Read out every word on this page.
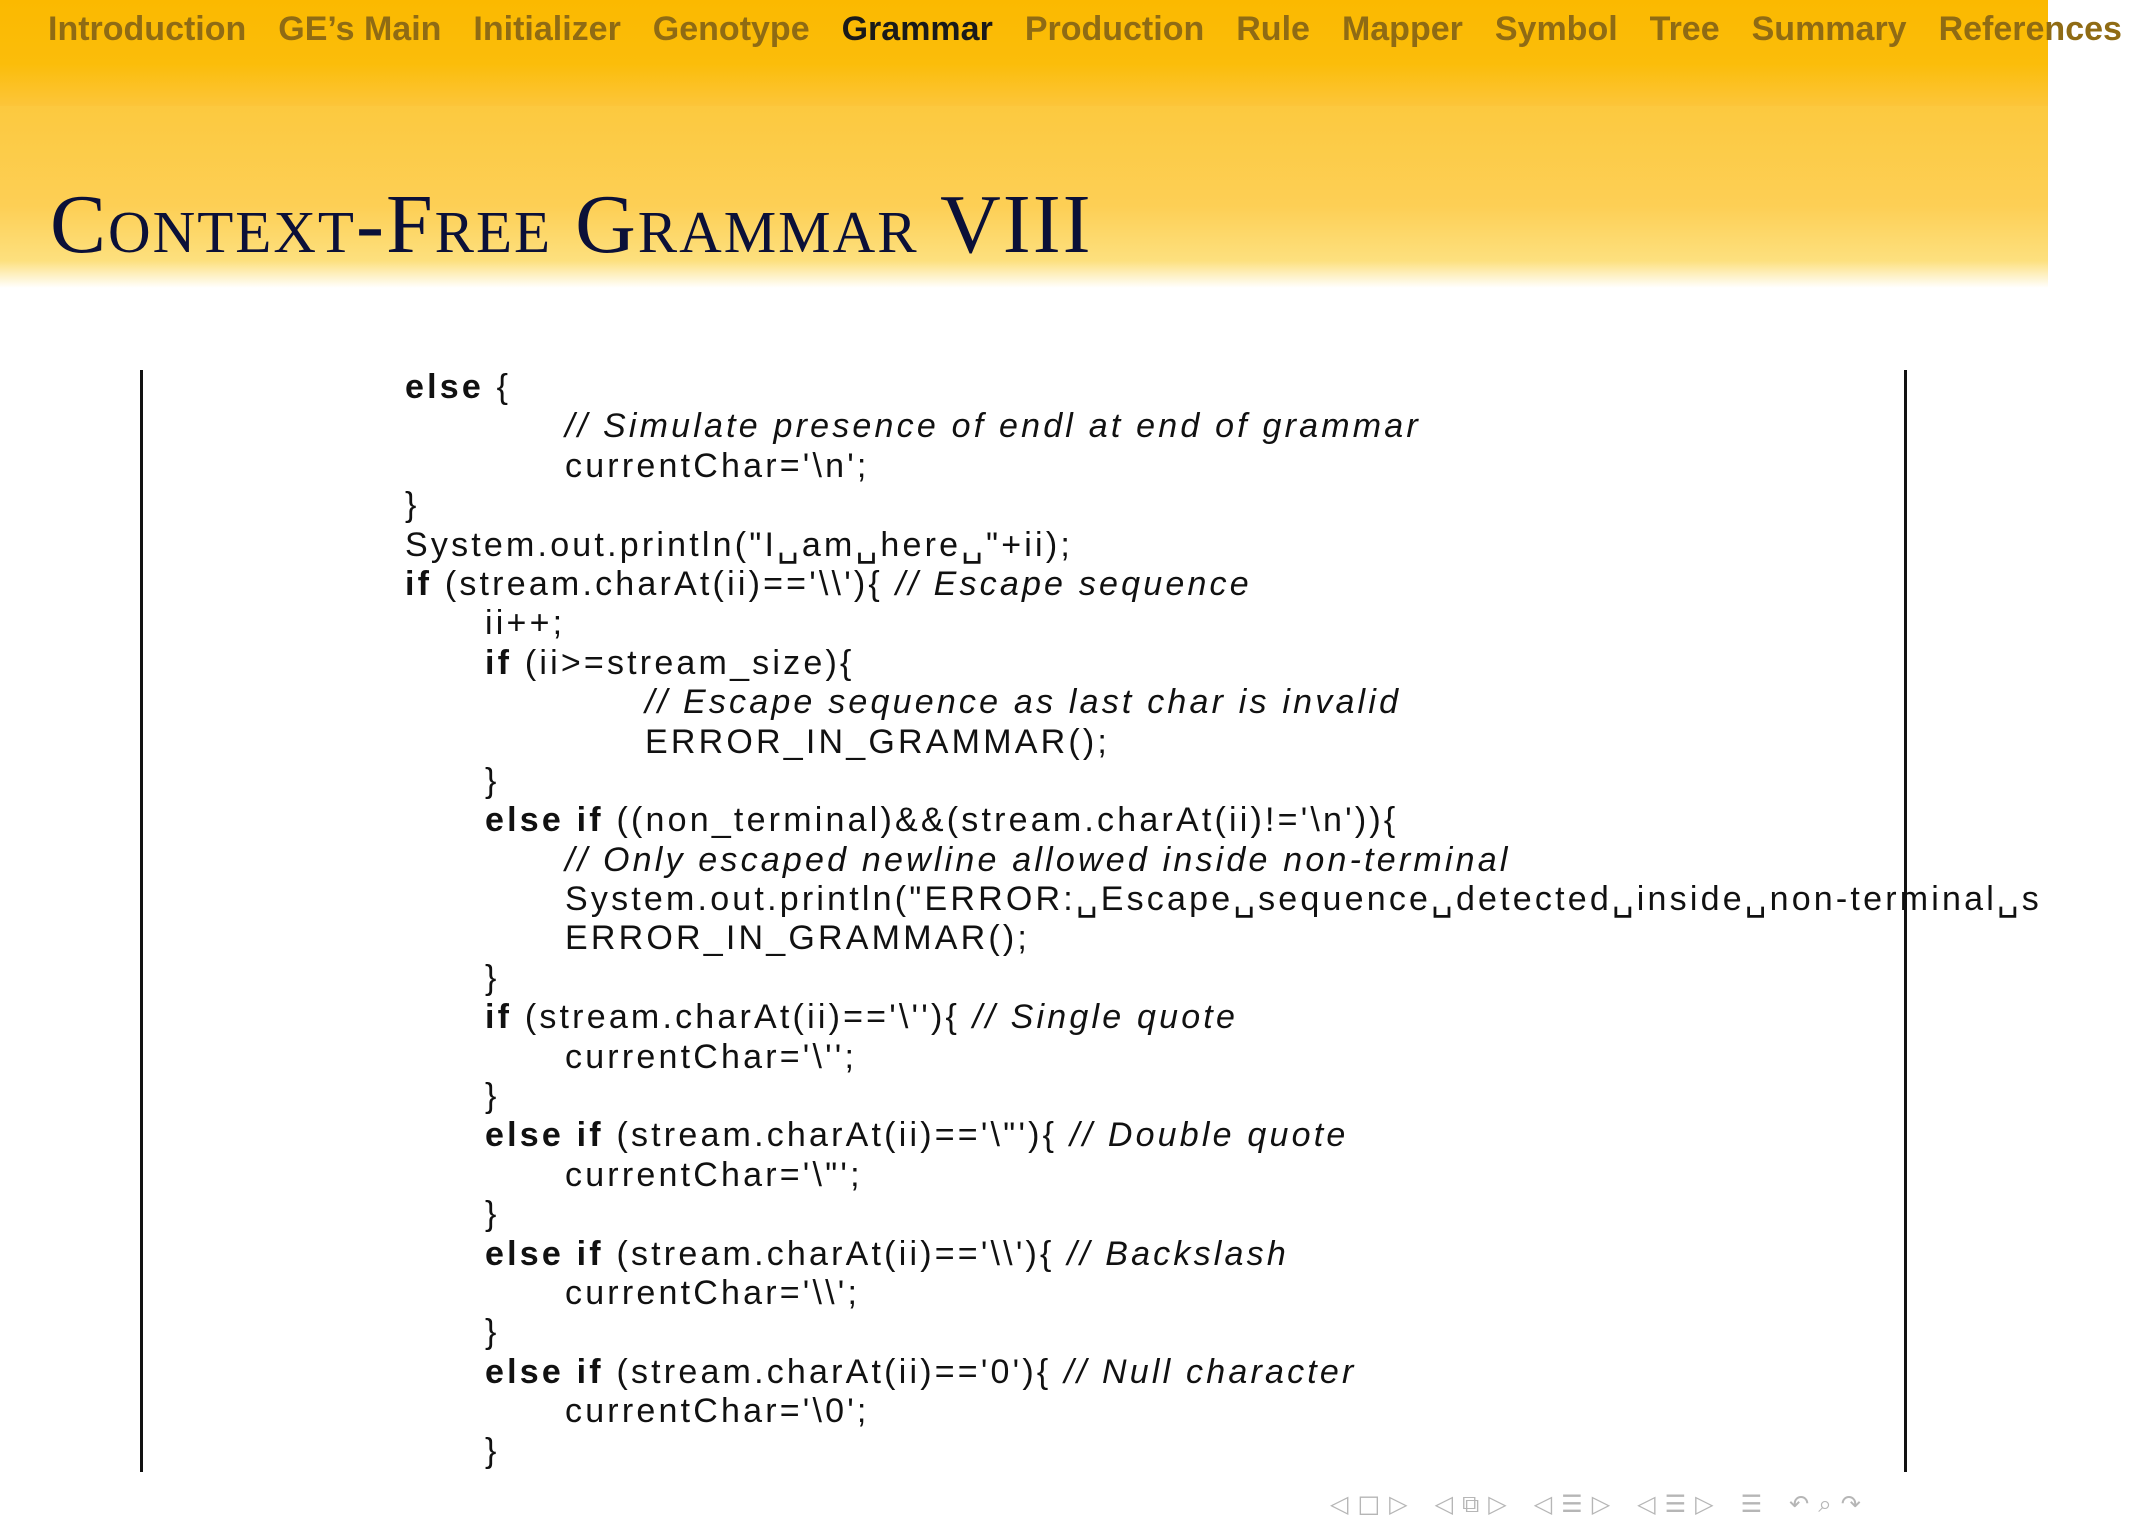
Introduction GE’s Main Initializer Genotype Grammar Production Rule Mapper Symbol Tree Summary References
Context-Free Grammar VIII
else {
// Simulate presence of endl at end of grammar
currentChar='\n';
}
System.out.println("I␣am␣here␣"+ii);
if (stream.charAt(ii)=='\\'){ // Escape sequence
ii++;
if (ii>=stream_size){
// Escape sequence as last char is invalid
ERROR_IN_GRAMMAR();
}
else if ((non_terminal)&&(stream.charAt(ii)!='\n')){
// Only escaped newline allowed inside non-terminal
System.out.println("ERROR:␣Escape␣sequence␣detected␣inside␣non-terminal␣s
ERROR_IN_GRAMMAR();
}
if (stream.charAt(ii)=='\''){ // Single quote
currentChar='\'';
}
else if (stream.charAt(ii)=='\"'){ // Double quote
currentChar='\"';
}
else if (stream.charAt(ii)=='\\'){ // Backslash
currentChar='\\';
}
else if (stream.charAt(ii)=='0'){ // Null character
currentChar='\0';
}
◁ □ ▷ ◁ ⧉ ▷ ◁ ☰ ▷ ◁ ☰ ▷ ☰ ↶ ⌕ ↷
